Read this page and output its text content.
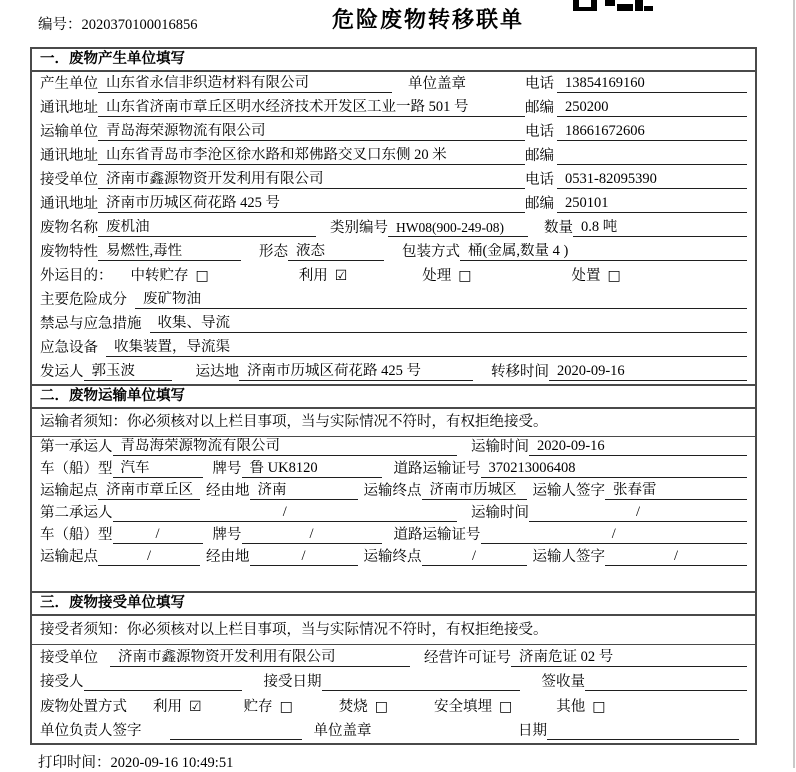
编号：2020370100016856	危险废物转移联单
一．废物产生单位填写
产生单位 山东省永信非织造材料有限公司	单位盖章	电话 13854169160
通讯地址 山东省济南市章丘区明水经济技术开发区工业一路 501 号	邮编 250200
运输单位 青岛海荣源物流有限公司	电话 18661672606
通讯地址 山东省青岛市李沧区徐水路和郑佛路交叉口东侧 20 米	邮编
接受单位 济南市鑫源物资开发利用有限公司	电话 0531-82095390
通讯地址 济南市历城区荷花路 425 号	邮编 250101
废物名称 废机油	类别编号 HW08(900-249-08)	数量 0.8 吨
废物特性 易燃性,毒性	形态 液态	包装方式 桶(金属,数量 4 )
外运目的： 中转贮存 □	利用 ☑	处理 □	处置 □
主要危险成分	废矿物油
禁忌与应急措施	收集、导流
应急设备	收集装置，导流渠
发运人 郭玉波	运达地 济南市历城区荷花路 425 号	转移时间 2020-09-16
二．废物运输单位填写
运输者须知：你必须核对以上栏目事项，当与实际情况不符时，有权拒绝接受。
第一承运人 青岛海荣源物流有限公司	运输时间 2020-09-16
车（船）型 汽车	牌号 鲁 UK8120	道路运输证号 370213006408
运输起点 济南市章丘区 经由地 济南	运输终点 济南市历城区	运输人签字 张春雷
第二承运人	/	运输时间	/
车（船）型	/	牌号	/	道路运输证号	/
运输起点	/	经由地	/	运输终点	/	运输人签字	/
三．废物接受单位填写
接受者须知：你必须核对以上栏目事项，当与实际情况不符时，有权拒绝接受。
接受单位	济南市鑫源物资开发利用有限公司	经营许可证号 济南危证 02 号
接受人	接受日期	签收量
废物处置方式 利用 ☑	贮存 □	焚烧 □	安全填埋 □	其他 □
单位负责人签字	单位盖章	日期
打印时间：2020-09-16 10:49:51
